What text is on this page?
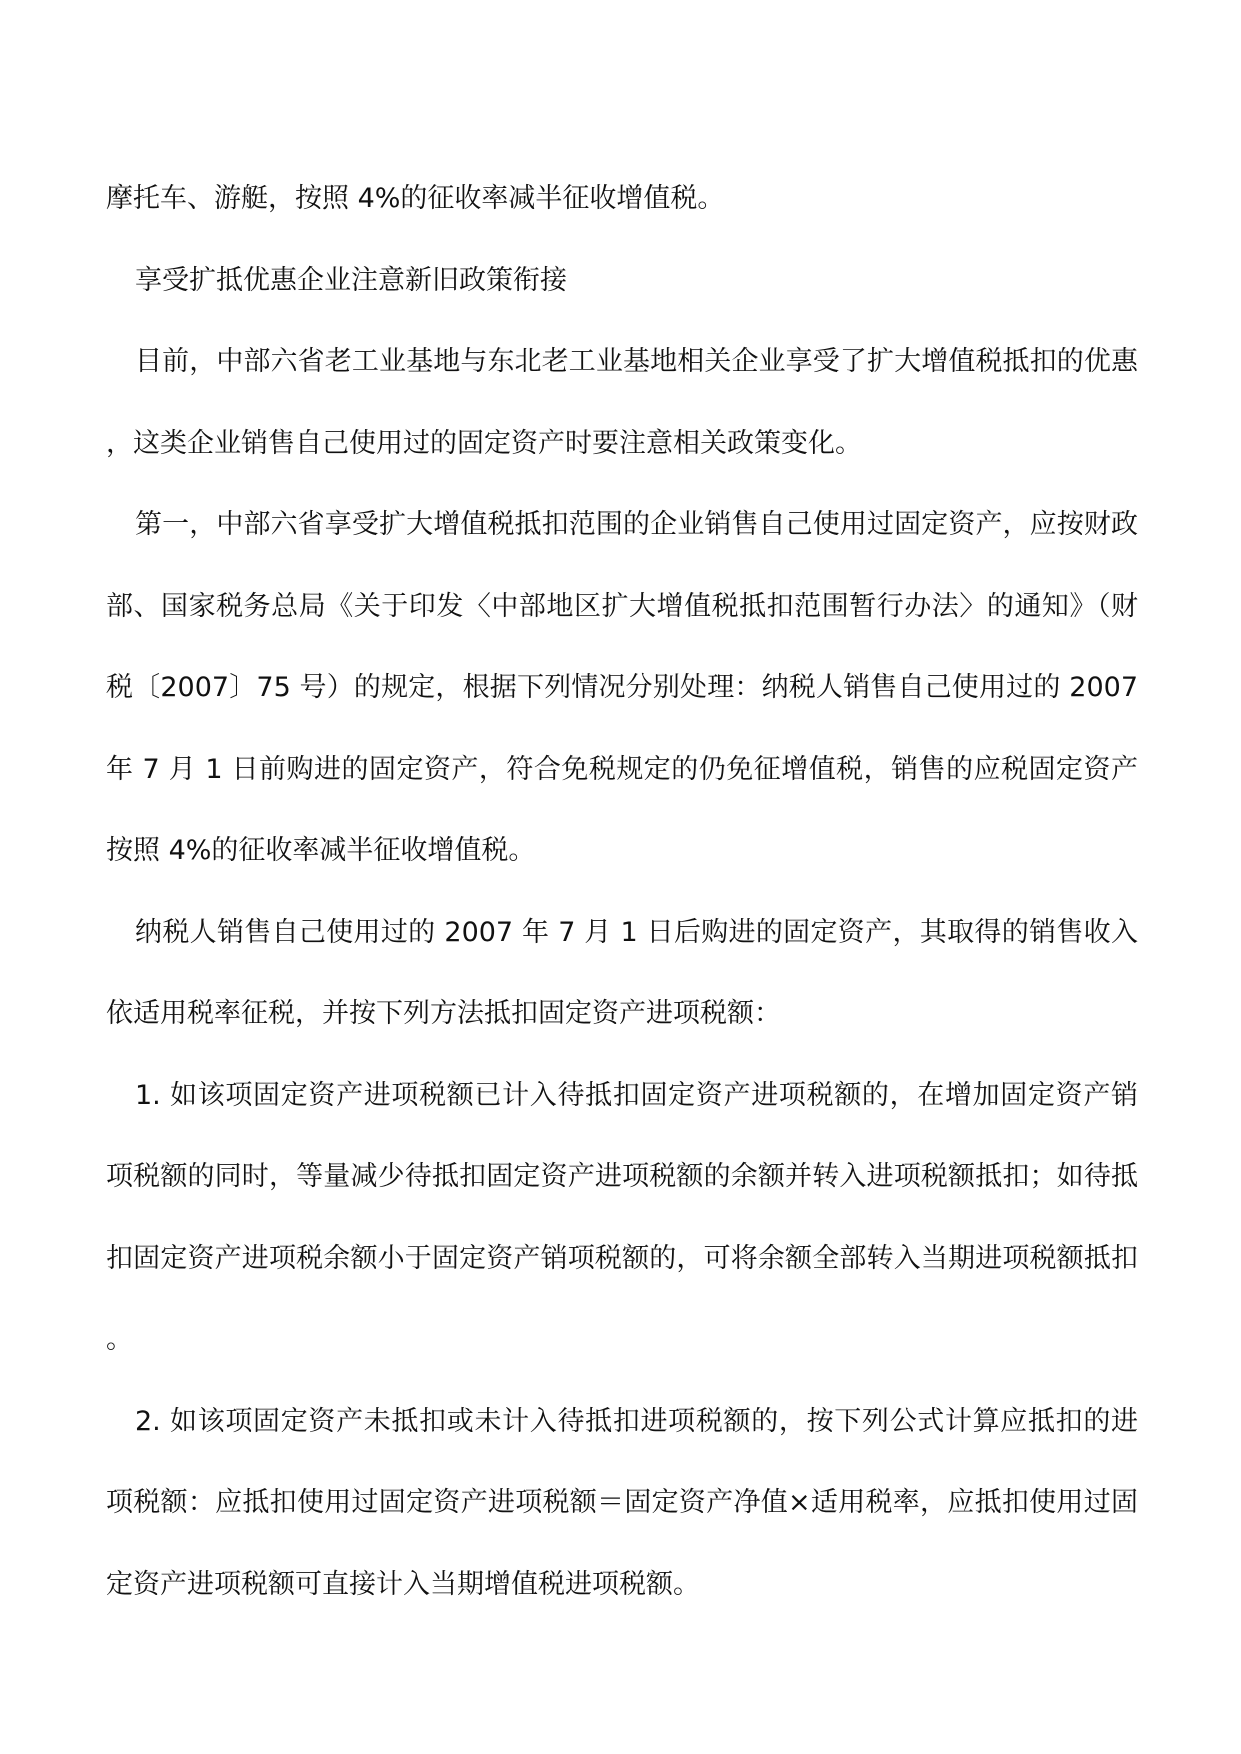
摩托车、游艇，按照 4%的征收率减半征收增值税。

享受扩抵优惠企业注意新旧政策衔接

目前，中部六省老工业基地与东北老工业基地相关企业享受了扩大增值税抵扣的优惠，这类企业销售自己使用过的固定资产时要注意相关政策变化。

第一，中部六省享受扩大增值税抵扣范围的企业销售自己使用过固定资产，应按财政部、国家税务总局《关于印发〈中部地区扩大增值税抵扣范围暂行办法〉的通知》（财税〔2007〕75 号）的规定，根据下列情况分别处理：纳税人销售自己使用过的 2007 年 7 月 1 日前购进的固定资产，符合免税规定的仍免征增值税，销售的应税固定资产按照 4%的征收率减半征收增值税。

纳税人销售自己使用过的 2007 年 7 月 1 日后购进的固定资产，其取得的销售收入依适用税率征税，并按下列方法抵扣固定资产进项税额：

1. 如该项固定资产进项税额已计入待抵扣固定资产进项税额的，在增加固定资产销项税额的同时，等量减少待抵扣固定资产进项税额的余额并转入进项税额抵扣；如待抵扣固定资产进项税余额小于固定资产销项税额的，可将余额全部转入当期进项税额抵扣。

2. 如该项固定资产未抵扣或未计入待抵扣进项税额的，按下列公式计算应抵扣的进项税额：应抵扣使用过固定资产进项税额＝固定资产净值×适用税率，应抵扣使用过固定资产进项税额可直接计入当期增值税进项税额。
